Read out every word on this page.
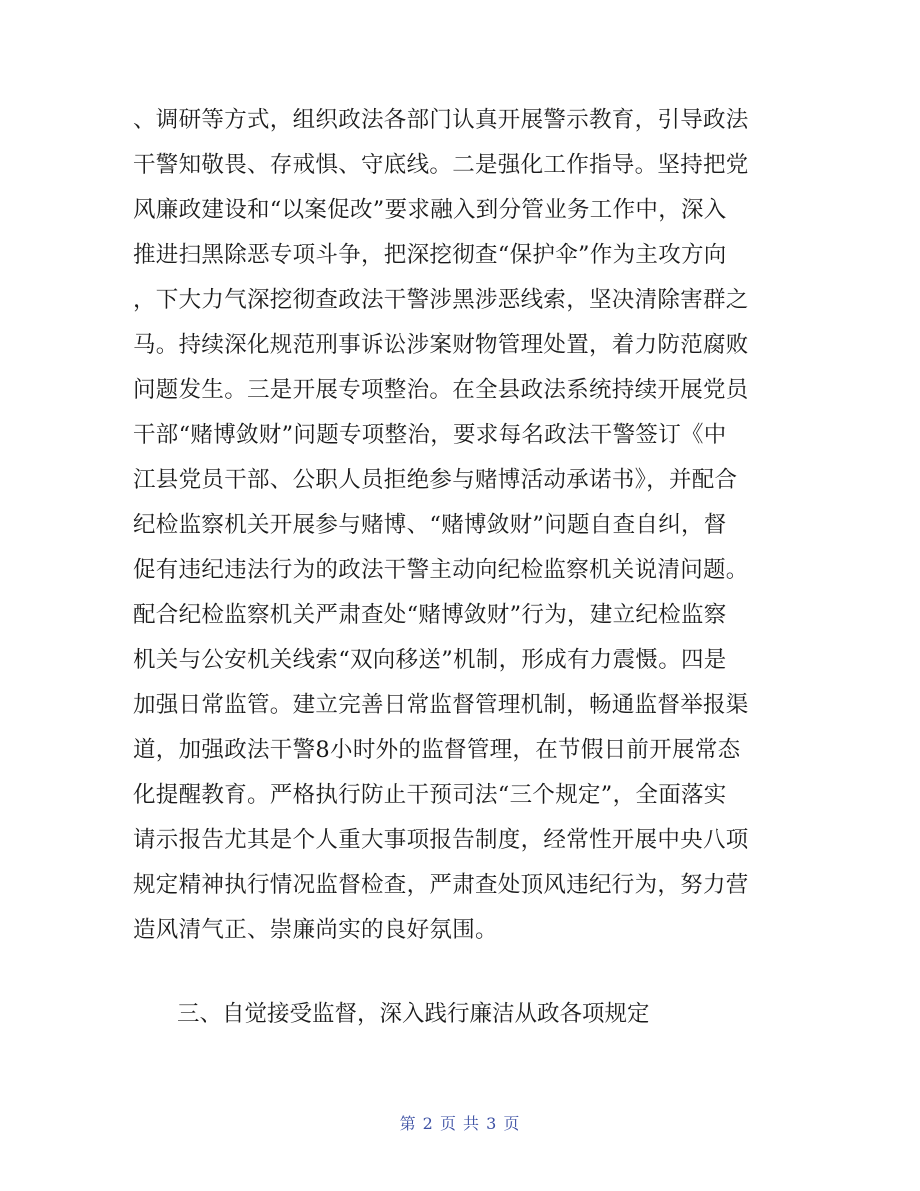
、调研等方式，组织政法各部门认真开展警示教育，引导政法
干警知敬畏、存戒惧、守底线。二是强化工作指导。坚持把党
风廉政建设和“以案促改”要求融入到分管业务工作中，深入
推进扫黑除恶专项斗争，把深挖彻查“保护伞”作为主攻方向
，下大力气深挖彻查政法干警涉黑涉恶线索，坚决清除害群之
马。持续深化规范刑事诉讼涉案财物管理处置，着力防范腐败
问题发生。三是开展专项整治。在全县政法系统持续开展党员
干部“赌博敛财”问题专项整治，要求每名政法干警签订《中
江县党员干部、公职人员拒绝参与赌博活动承诺书》，并配合
纪检监察机关开展参与赌博、“赌博敛财”问题自查自纠，督
促有违纪违法行为的政法干警主动向纪检监察机关说清问题。
配合纪检监察机关严肃查处“赌博敛财”行为，建立纪检监察
机关与公安机关线索“双向移送”机制，形成有力震慑。四是
加强日常监管。建立完善日常监督管理机制，畅通监督举报渠
道，加强政法干警8小时外的监督管理，在节假日前开展常态
化提醒教育。严格执行防止干预司法“三个规定”，全面落实
请示报告尤其是个人重大事项报告制度，经常性开展中央八项
规定精神执行情况监督检查，严肃查处顶风违纪行为，努力营
造风清气正、崇廉尚实的良好氛围。
三、自觉接受监督，深入践行廉洁从政各项规定
第 2 页 共 3 页
